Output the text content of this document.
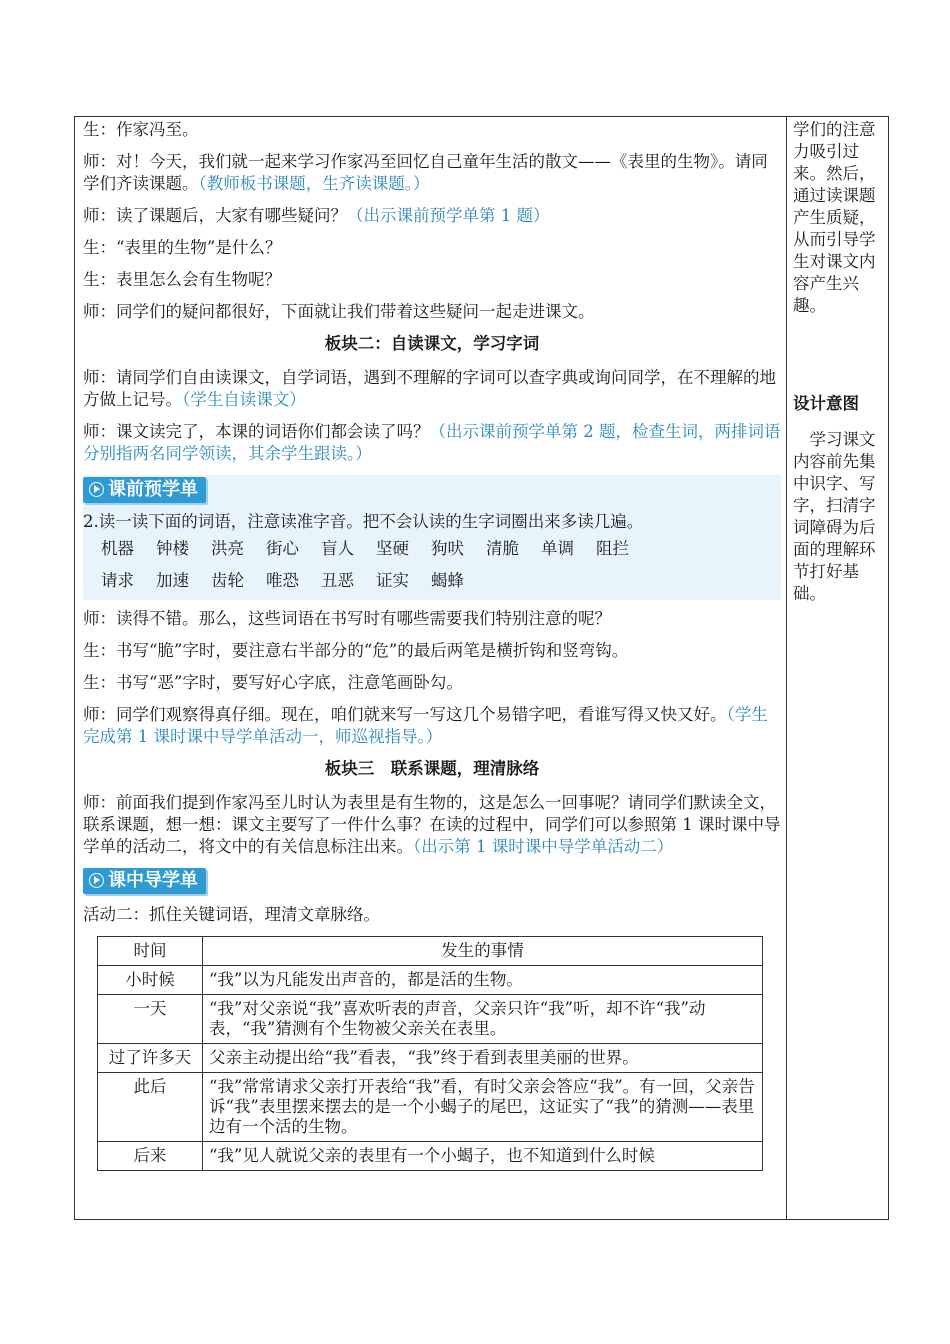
生：作家冯至。

师：对！今天，我们就一起来学习作家冯至回忆自己童年生活的散文——《表里的生物》。请同学们齐读课题。（教师板书课题，生齐读课题。）

师：读了课题后，大家有哪些疑问？（出示课前预学单第 1 题）

生：“表里的生物”是什么？

生：表里怎么会有生物呢？

师：同学们的疑问都很好，下面就让我们带着这些疑问一起走进课文。

板块二：自读课文，学习字词

师：请同学们自由读课文，自学词语，遇到不理解的字词可以查字典或询问同学，在不理解的地方做上记号。（学生自读课文）

师：课文读完了，本课的词语你们都会读了吗？（出示课前预学单第 2 题，检查生词，两排词语分别指两名同学领读，其余学生跟读。）

课前预学单

2.读一读下面的词语，注意读准字音。把不会认读的生字词圈出来多读几遍。

机器 钟楼 洪亮 街心 盲人 坚硬 狗吠 清脆 单调 阻拦
请求 加速 齿轮 唯恐 丑恶 证实 蝎蜂

师：读得不错。那么，这些词语在书写时有哪些需要我们特别注意的呢？

生：书写“脆”字时，要注意右半部分的“危”的最后两笔是横折钩和竖弯钩。

生：书写“恶”字时，要写好心字底，注意笔画卧勾。

师：同学们观察得真仔细。现在，咱们就来写一写这几个易错字吧，看谁写得又快又好。（学生完成第 1 课时课中导学单活动一，师巡视指导。）

板块三　联系课题，理清脉络

师：前面我们提到作家冯至儿时认为表里是有生物的，这是怎么一回事呢？请同学们默读全文，联系课题，想一想：课文主要写了一件什么事？在读的过程中，同学们可以参照第 1 课时课中导学单的活动二，将文中的有关信息标注出来。（出示第 1 课时课中导学单活动二）

课中导学单

活动二：抓住关键词语，理清文章脉络。

时间	发生的事情
小时候	“我”以为凡能发出声音的，都是活的生物。
一天	“我”对父亲说“我”喜欢听表的声音，父亲只许“我”听，却不许“我”动表，“我”猜测有个生物被父亲关在表里。
过了许多天	父亲主动提出给“我”看表，“我”终于看到表里美丽的世界。
此后	“我”常常请求父亲打开表给“我”看，有时父亲会答应“我”。有一回，父亲告诉“我”表里摆来摆去的是一个小蝎子的尾巴，这证实了“我”的猜测——表里边有一个活的生物。
后来	“我”见人就说父亲的表里有一个小蝎子，也不知道到什么时候

学们的注意力吸引过来。然后，通过读课题产生质疑，从而引导学生对课文内容产生兴趣。

设计意图

　学习课文内容前先集中识字、写字，扫清字词障碍为后面的理解环节打好基础。
